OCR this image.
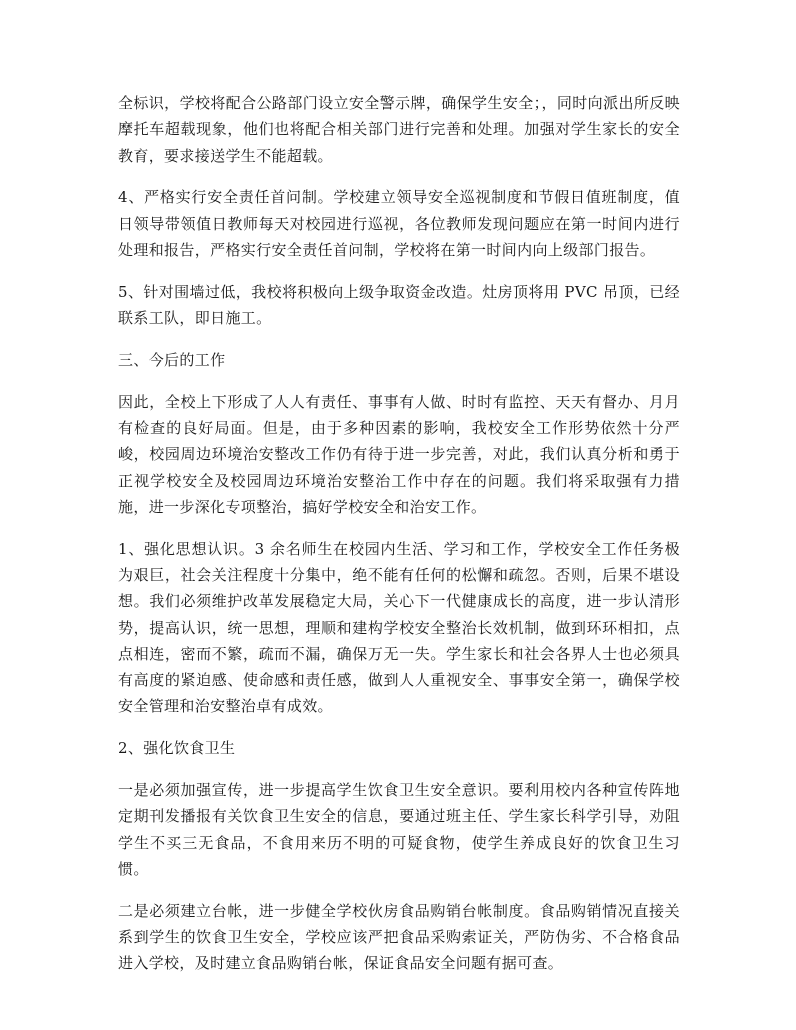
全标识，学校将配合公路部门设立安全警示牌，确保学生安全；，同时向派出所反映摩托车超载现象，他们也将配合相关部门进行完善和处理。加强对学生家长的安全教育，要求接送学生不能超载。

4、严格实行安全责任首问制。学校建立领导安全巡视制度和节假日值班制度，值日领导带领值日教师每天对校园进行巡视，各位教师发现问题应在第一时间内进行处理和报告，严格实行安全责任首问制，学校将在第一时间内向上级部门报告。

5、针对围墙过低，我校将积极向上级争取资金改造。灶房顶将用 PVC 吊顶，已经联系工队，即日施工。

三、今后的工作

因此，全校上下形成了人人有责任、事事有人做、时时有监控、天天有督办、月月有检查的良好局面。但是，由于多种因素的影响，我校安全工作形势依然十分严峻，校园周边环境治安整改工作仍有待于进一步完善，对此，我们认真分析和勇于正视学校安全及校园周边环境治安整治工作中存在的问题。我们将采取强有力措施，进一步深化专项整治，搞好学校安全和治安工作。

1、强化思想认识。3 余名师生在校园内生活、学习和工作，学校安全工作任务极为艰巨，社会关注程度十分集中，绝不能有任何的松懈和疏忽。否则，后果不堪设想。我们必须维护改革发展稳定大局，关心下一代健康成长的高度，进一步认清形势，提高认识，统一思想，理顺和建构学校安全整治长效机制，做到环环相扣，点点相连，密而不繁，疏而不漏，确保万无一失。学生家长和社会各界人士也必须具有高度的紧迫感、使命感和责任感，做到人人重视安全、事事安全第一，确保学校安全管理和治安整治卓有成效。

2、强化饮食卫生

一是必须加强宣传，进一步提高学生饮食卫生安全意识。要利用校内各种宣传阵地定期刊发播报有关饮食卫生安全的信息，要通过班主任、学生家长科学引导，劝阻学生不买三无食品，不食用来历不明的可疑食物，使学生养成良好的饮食卫生习惯。

二是必须建立台帐，进一步健全学校伙房食品购销台帐制度。食品购销情况直接关系到学生的饮食卫生安全，学校应该严把食品采购索证关，严防伪劣、不合格食品进入学校，及时建立食品购销台帐，保证食品安全问题有据可查。
